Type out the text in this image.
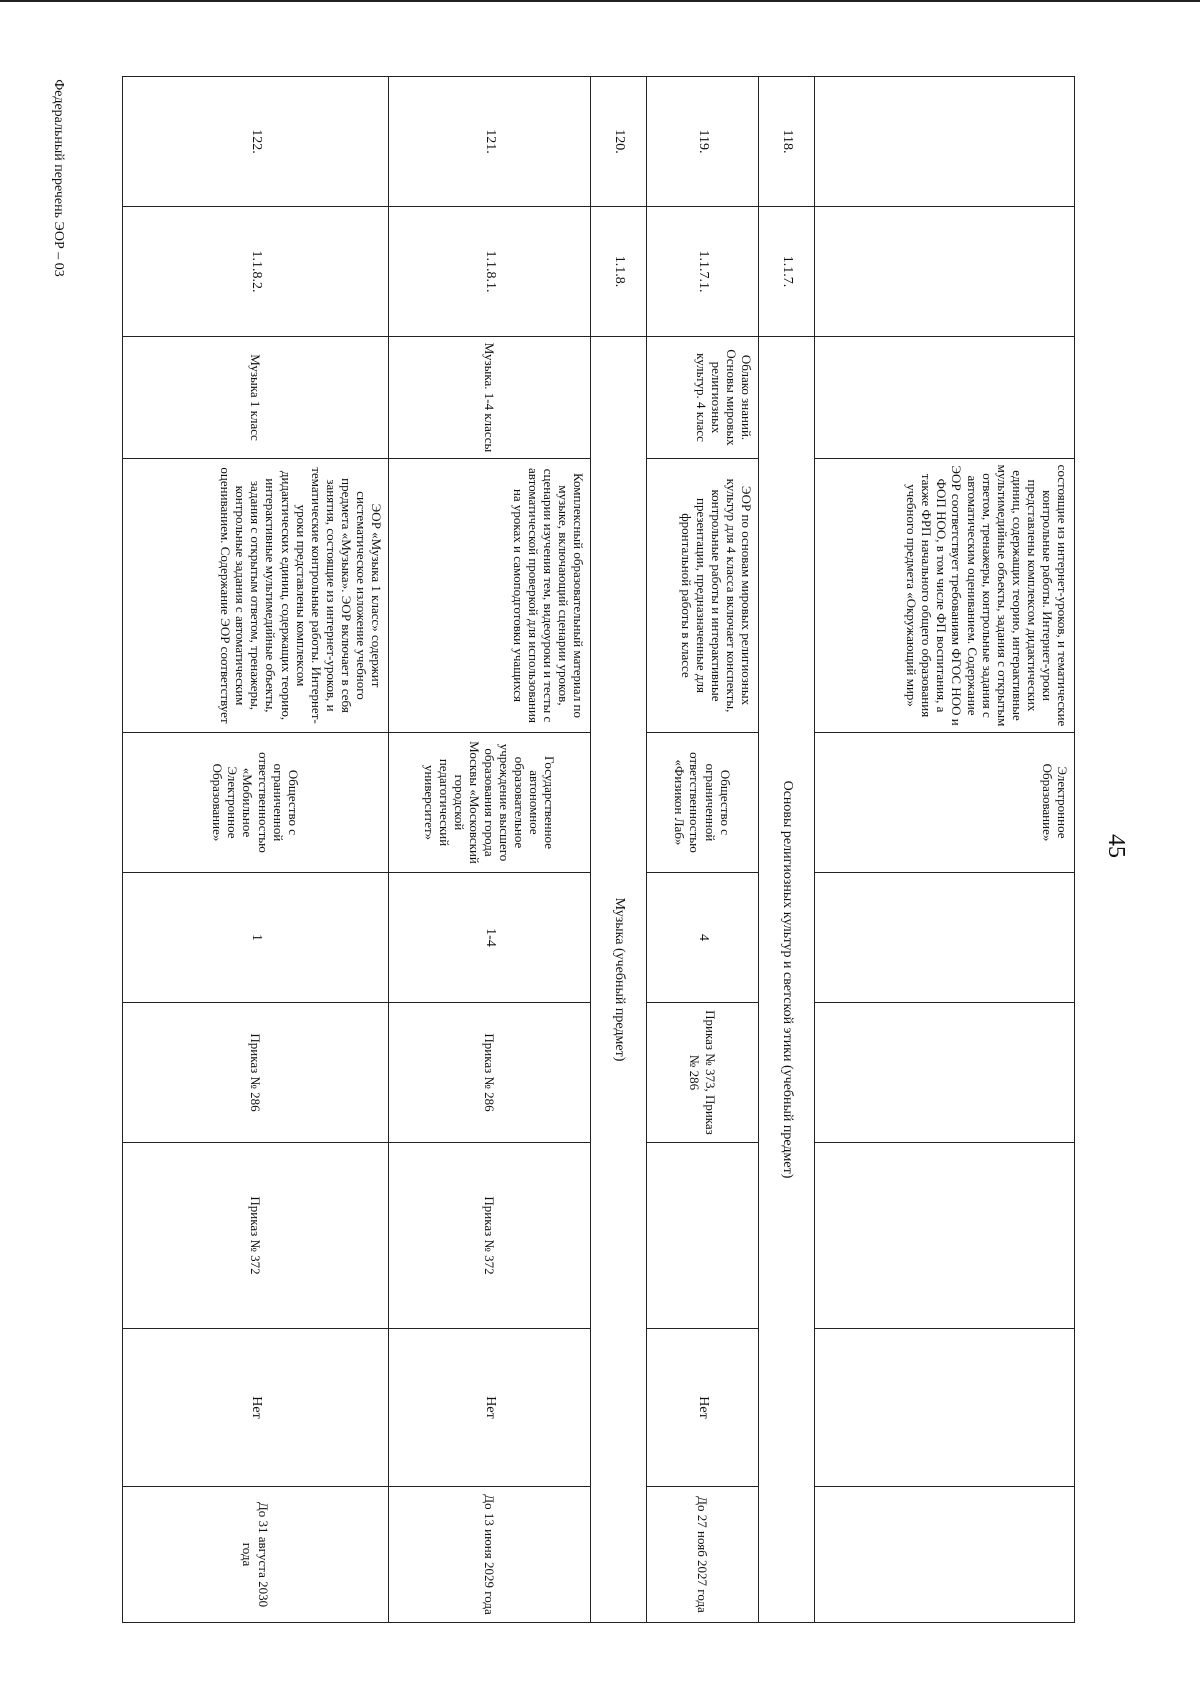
45
Федеральный перечень ЭОР – 03
			состоящие из интернет-уроков, и тематические контрольные работы. Интернет-уроки представлены комплексом дидактических единиц, содержащих теорию, интерактивные мультимедийные объекты, задания с открытым ответом, тренажеры, контрольные задания с автоматическим оцениванием. Содержание ЭОР соответствует требованиям ФГОС НОО и ФОП НОО, в том числе ФП воспитания, а также ФРП начального общего образования учебного предмета «Окружающий мир»	Электронное Образование»					
118.	1.1.7.	Основы религиозных культур и светской этики (учебный предмет)							
119.	1.1.7.1.	Облако знаний. Основы мировых религиозных культур. 4 класс	ЭОР по основам мировых религиозных культур для 4 класса включает конспекты, контрольные работы и интерактивные презентации, предназначенные для фронтальной работы в классе	Общество с ограниченной ответственностью «Физикон Лаб»	4	Приказ № 373, Приказ № 286		Нет	До 27 нояб 2027 года
120.	1.1.8.	Музыка (учебный предмет)							
121.	1.1.8.1.	Музыка. 1-4 классы	Комплексный образовательный материал по музыке, включающий сценарии уроков, сценарии изучения тем, видеоуроки и тесты с автоматической проверкой для использования на уроках и самоподготовки учащихся	Государственное автономное образовательное учреждение высшего образования города Москвы «Московский городской педагогический университет»	1-4	Приказ № 286	Приказ № 372	Нет	До 13 июня 2029 года
122.	1.1.8.2.	Музыка 1 класс	ЭОР «Музыка 1 класс» содержит систематическое изложение учебного предмета «Музыка». ЭОР включает в себя занятия, состоящие из интернет-уроков, и тематические контрольные работы. Интернет-уроки представлены комплексом дидактических единиц, содержащих теорию, интерактивные мультимедийные объекты, задания с открытым ответом, тренажеры, контрольные задания с автоматическим оцениванием. Содержание ЭОР соответствует	Общество с ограниченной ответственностью «Мобильное Электронное Образование»	1	Приказ № 286	Приказ № 372	Нет	До 31 августа 2030 года
